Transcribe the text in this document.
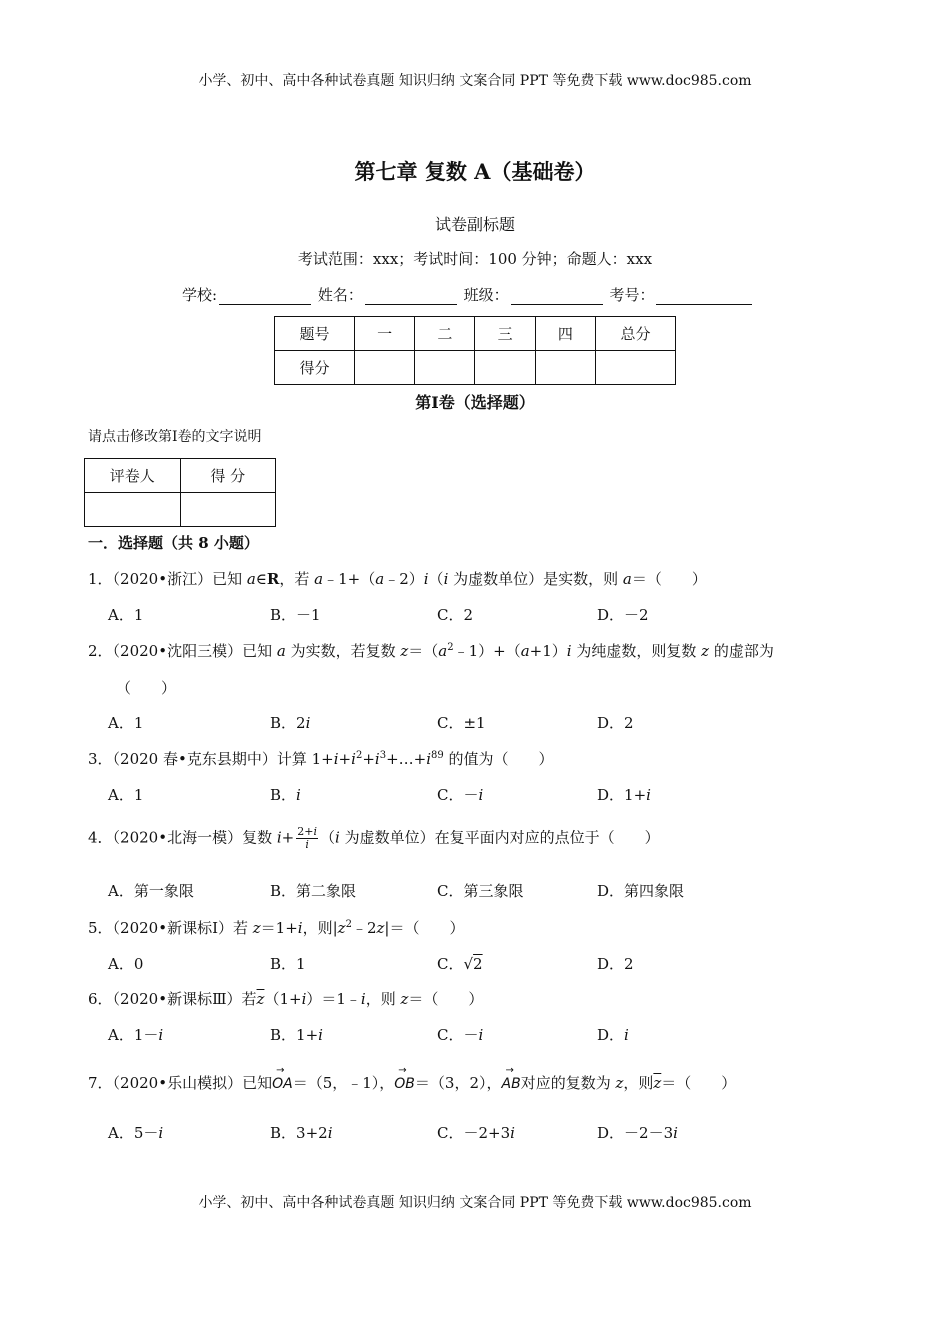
小学、初中、高中各种试卷真题 知识归纳 文案合同 PPT 等免费下载 www.doc985.com
第七章 复数 A（基础卷）
试卷副标题
考试范围：xxx；考试时间：100 分钟；命题人：xxx
学校:	姓名：	班级：	考号：
题号	一	二	三	四	总分
得分					
第Ⅰ卷（选择题）
请点击修改第I卷的文字说明
评卷人	得 分

一．选择题（共 8 小题）
1．（2020•浙江）已知 a∈R，若 a﹣1+（a﹣2）i（i 为虚数单位）是实数，则 a＝（　　）
A．1	B．－1	C．2	D．－2
2．（2020•沈阳三模）已知 a 为实数，若复数 $z=(a^2﹣1)+(a+1)i$ 为纯虚数，则复数 z 的虚部为
（　　）
A．1	B．2i	C．±1	D．2
3．（2020 春•克东县期中）计算 $1+i+i^2+i^3+\dots+i^{89}$ 的值为（　　）
A．1	B．i	C．－i	D．1+i
4．（2020•北海一模）复数 $i+ \frac{2+i}{i} (i$ 为虚数单位）在复平面内对应的点位于（　　）
A．第一象限	B．第二象限	C．第三象限	D．第四象限
5．（2020•新课标Ⅰ）若 z＝1+i，则$|z^2﹣2z|=$（　　）
A．0	B．1	C．√2	D．2
6．（2020•新课标Ⅲ）若$\overline{z}(1+i)=1﹣i$，则 z＝（　　）
A．1－i	B．1+i	C．－i	D．i
7．（2020•乐山模拟）已知→ OA＝（5，﹣1），→ OB＝（3，2），→ AB对应的复数为 z，则$\overline{z}=$（　　）
A．5－i	B．3+2i	C．－2+3i	D．－2－3i
小学、初中、高中各种试卷真题 知识归纳 文案合同 PPT 等免费下载 www.doc985.com
